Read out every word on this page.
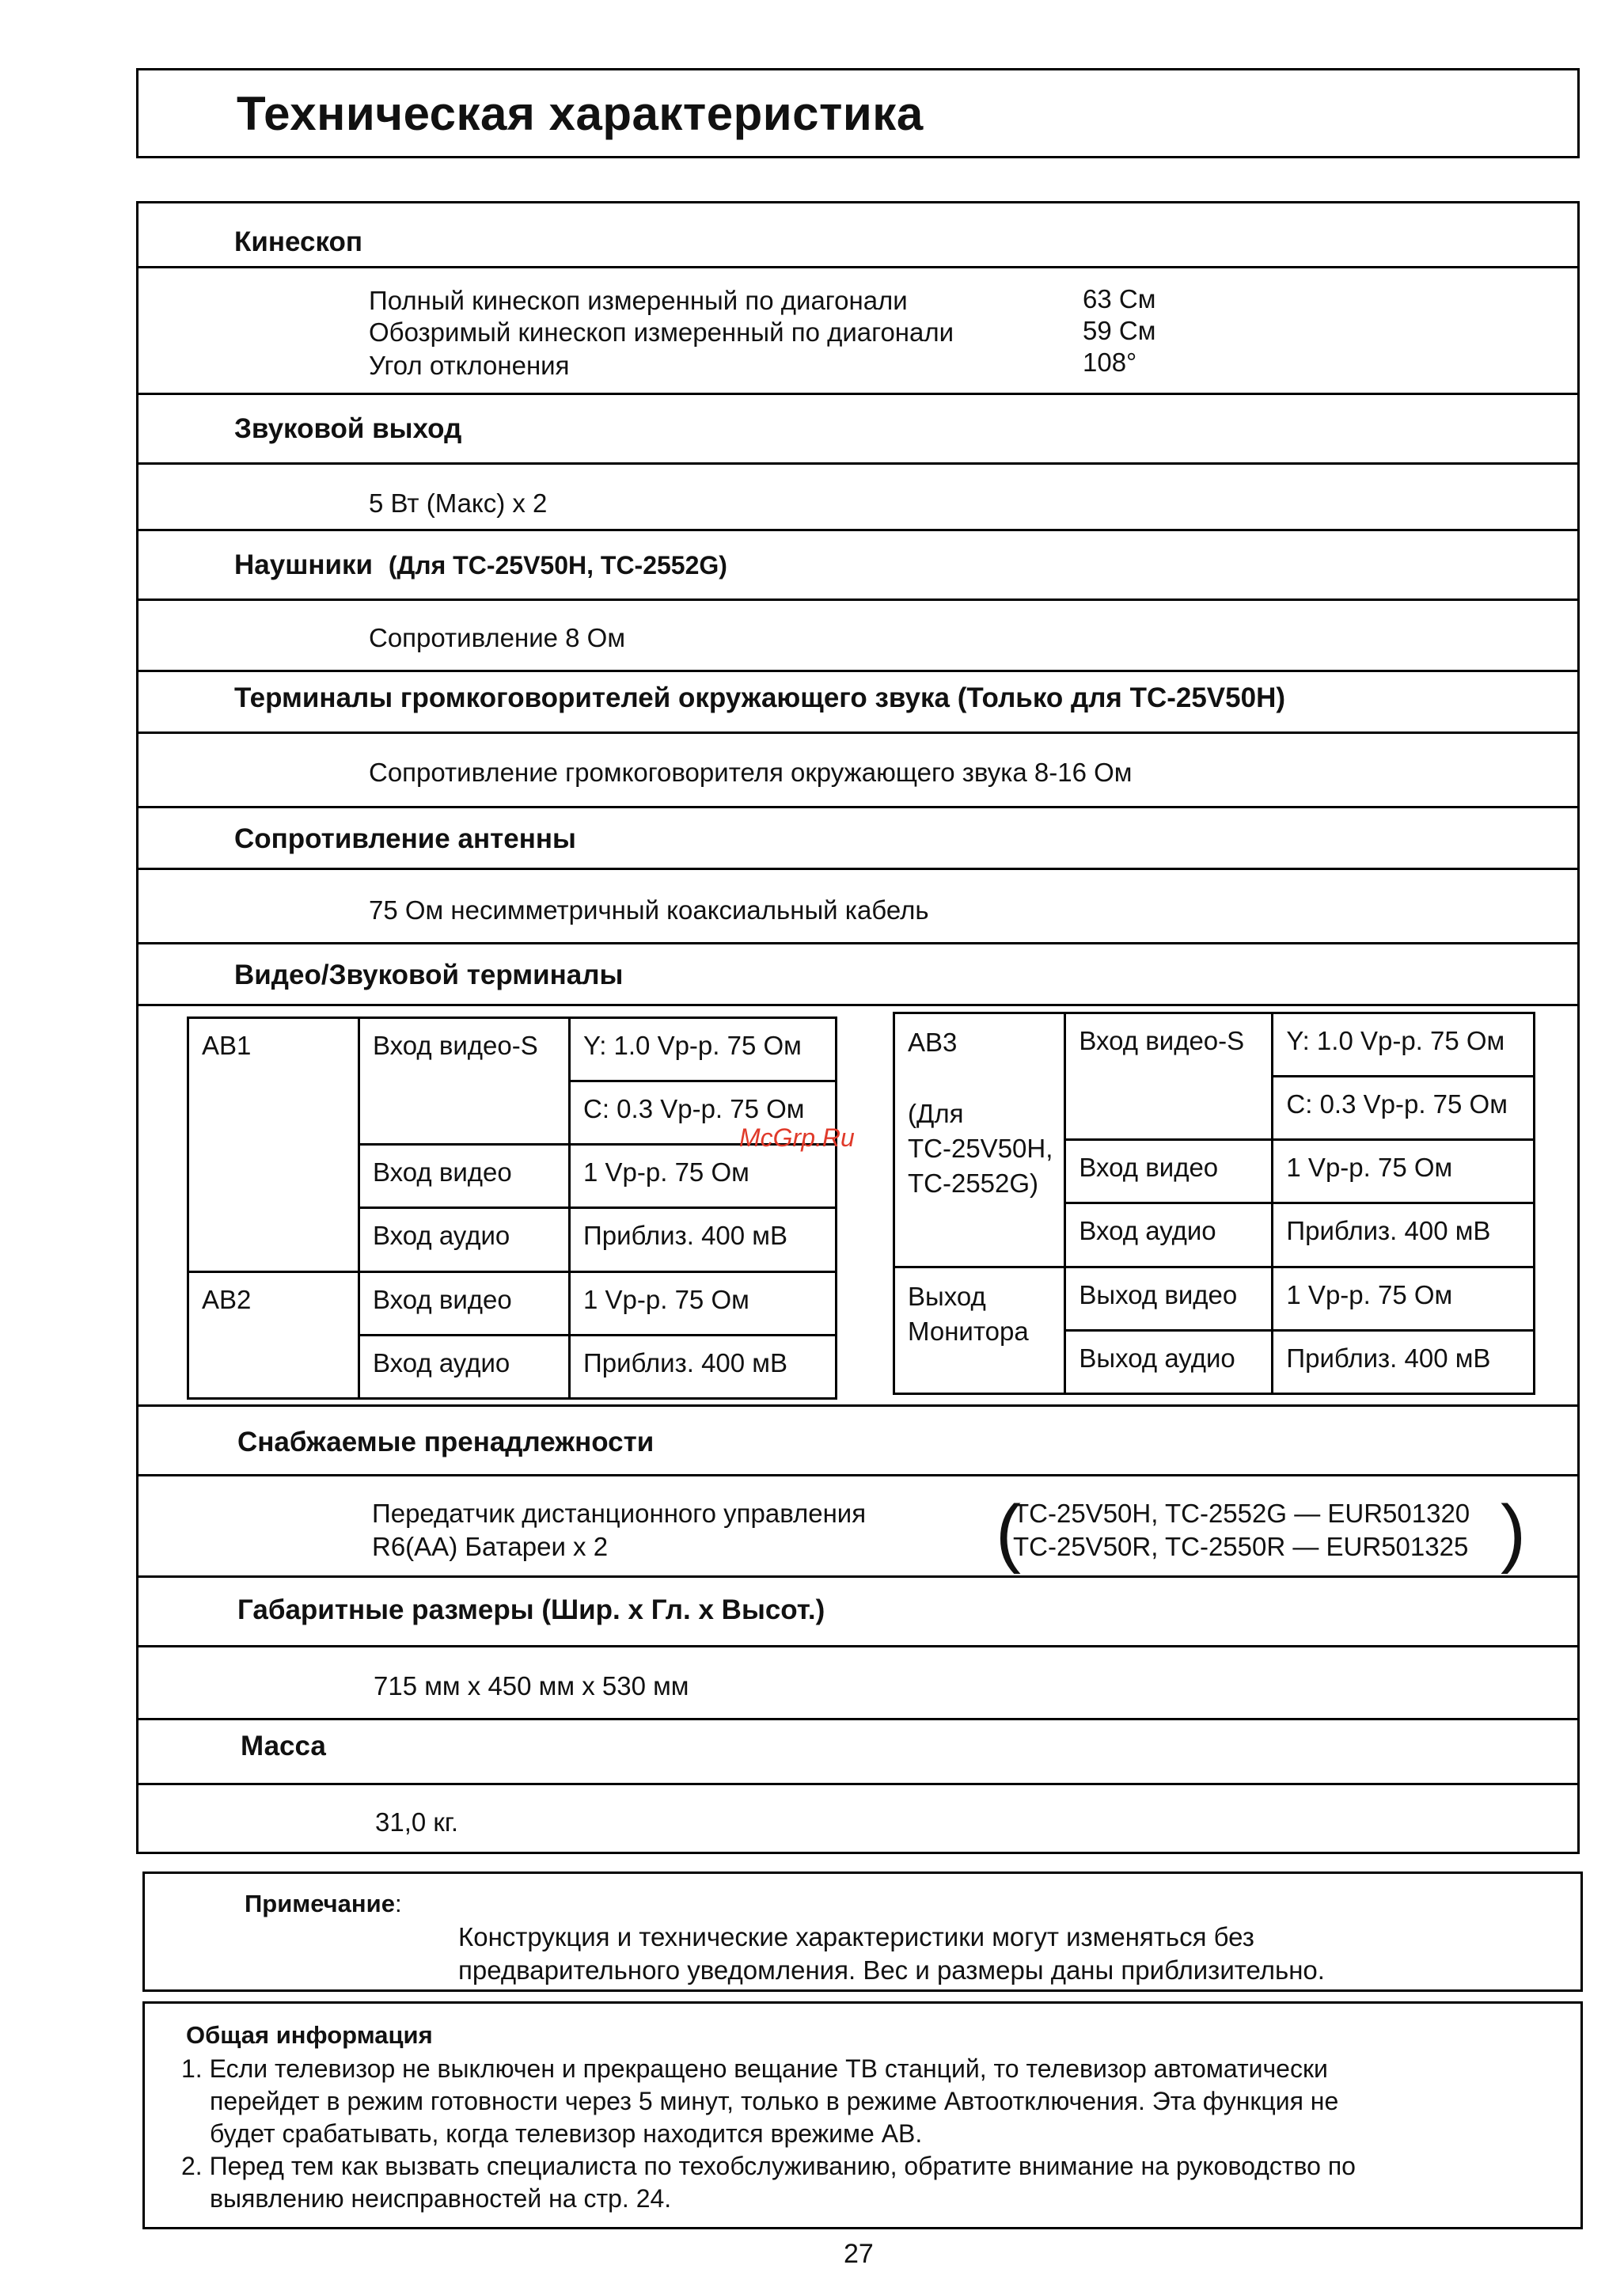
Техническая характеристика
Кинескоп
Полный кинескоп измеренный по диагонали	63 См
Обозримый кинескоп измеренный по диагонали	59 См
Угол отклонения	108°
Звуковой выход
5 Вт (Макс) x 2
Наушники (Для ТС-25V50H, TC-2552G)
Сопротивление 8 Ом
Терминалы громкоговорителей окружающего звука (Только для ТС-25V50H)
Сопротивление громкоговорителя окружающего звука 8-16 Ом
Сопротивление антенны
75 Ом несимметричный коаксиальный кабель
Видео/Звуковой терминалы
AB1	Вход видео-S	Y: 1.0 Vp-p. 75 Ом
		C: 0.3 Vp-p. 75 Ом
	Вход видео	1 Vp-p. 75 Ом
	Вход аудио	Приблиз. 400 мВ
AB2	Вход видео	1 Vp-p. 75 Ом
	Вход аудио	Приблиз. 400 мВ
AB3
(Для
TC-25V50H,
TC-2552G)	Вход видео-S	Y: 1.0 Vp-p. 75 Ом
		C: 0.3 Vp-p. 75 Ом
	Вход видео	1 Vp-p. 75 Ом
	Вход аудио	Приблиз. 400 мВ

Выход
Монитора	Выход видео	1 Vp-p. 75 Ом
	Выход аудио	Приблиз. 400 мВ
McGrp.Ru
Снабжаемые пренадлежности
Передатчик дистанционного управления
R6(AA) Батареи x 2	(
TC-25V50H, TC-2552G — EUR501320
TC-25V50R, TC-2550R — EUR501325 )
Габаритные размеры (Шир. x Гл. x Высот.)
715 мм x 450 мм x 530 мм
Масса
31,0 кг.
Примечание:
Конструкция и технические характеристики могут изменяться без
предварительного уведомления. Вес и размеры даны приблизительно.
Общая информация
1. Если телевизор не выключен и прекращено вещание ТВ станций, то телевизор автоматически
перейдет в режим готовности через 5 минут, только в режиме Автоотключения. Эта функция не
будет срабатывать, когда телевизор находится врежиме АВ.
2. Перед тем как вызвать специалиста по техобслуживанию, обратите внимание на руководство по
выявлению неисправностей на стр. 24.
27
